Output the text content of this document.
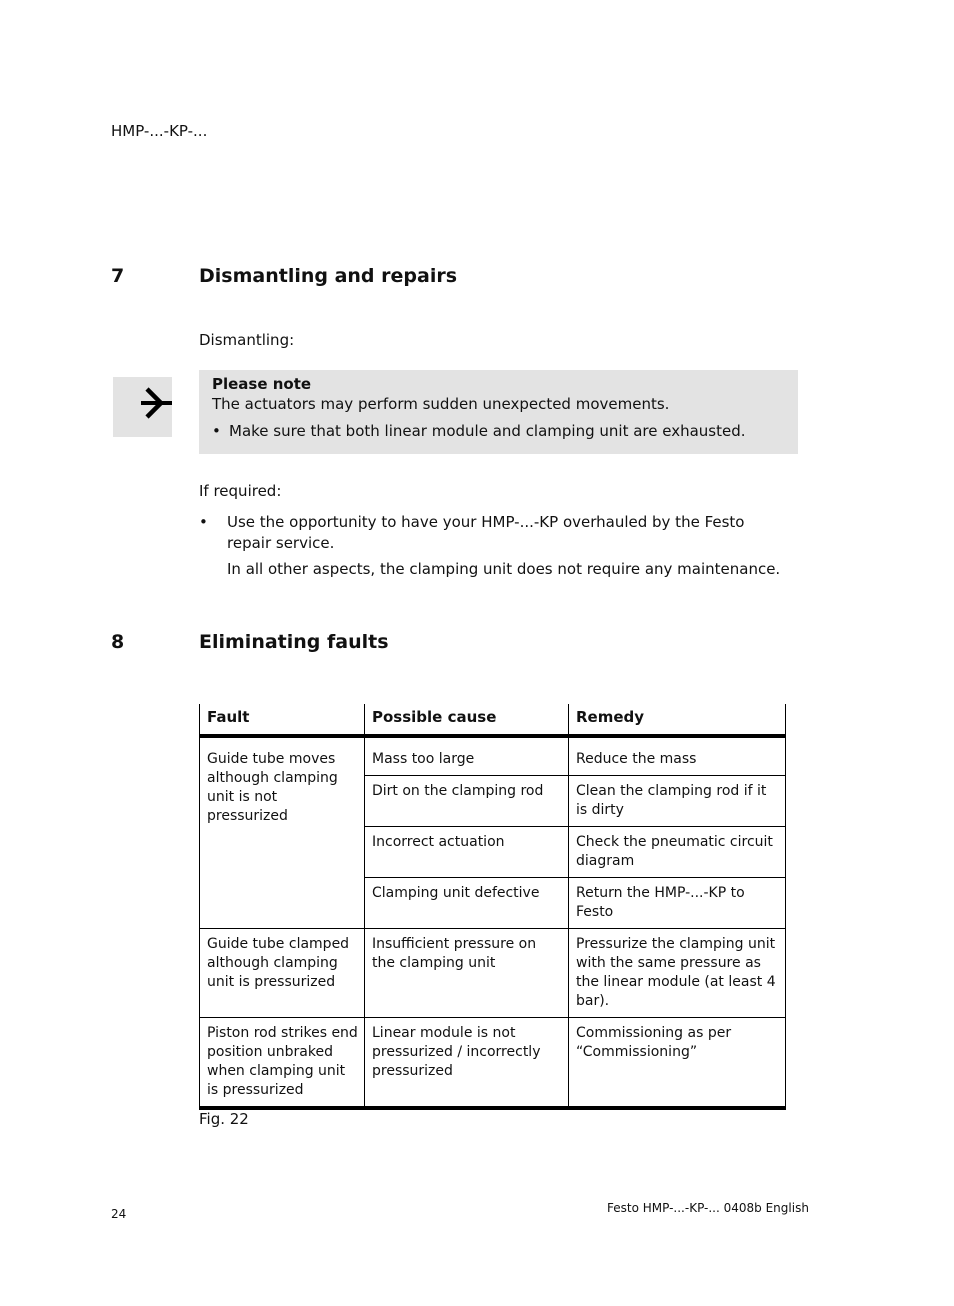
HMP-...-KP-...
7	Dismantling and repairs
Dismantling:
Please note
The actuators may perform sudden unexpected movements.
• Make sure that both linear module and clamping unit are exhausted.
If required:
•	Use the opportunity to have your HMP-...-KP overhauled by the Festo repair service.
In all other aspects, the clamping unit does not require any maintenance.
8	Eliminating faults
Fault	Possible cause	Remedy
Guide tube moves although clamping unit is not pressurized	Mass too large	Reduce the mass
	Dirt on the clamping rod	Clean the clamping rod if it is dirty
	Incorrect actuation	Check the pneumatic circuit diagram
	Clamping unit defective	Return the HMP-...-KP to Festo
Guide tube clamped although clamping unit is pressurized	Insufficient pressure on the clamping unit	Pressurize the clamping unit with the same pressure as the linear module (at least 4 bar).
Piston rod strikes end position unbraked when clamping unit is pressurized	Linear module is not pressurized / incorrectly pressurized	Commissioning as per “Commissioning”
Fig. 22
24	Festo HMP-...-KP-... 0408b English
